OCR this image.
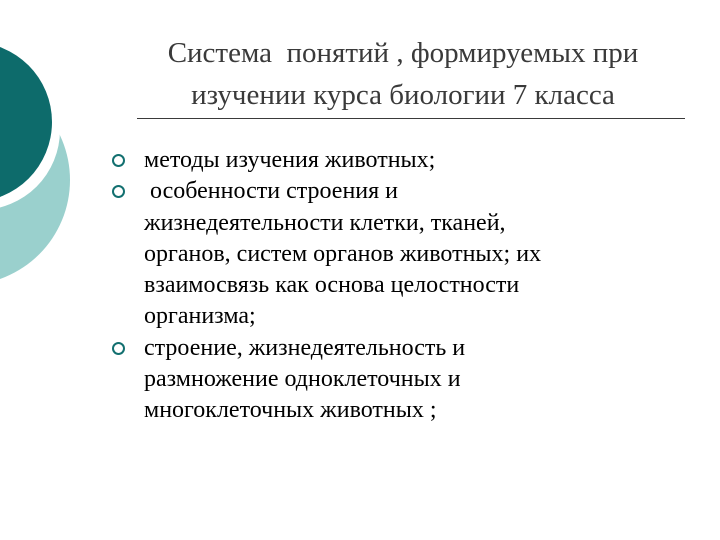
Система  понятий , формируемых при
изучении курса биологии 7 класса
методы изучения животных;
особенности строения и
жизнедеятельности клетки, тканей,
органов, систем органов животных; их
взаимосвязь как основа целостности
организма;
строение, жизнедеятельность и
размножение одноклеточных и
многоклеточных животных ;
